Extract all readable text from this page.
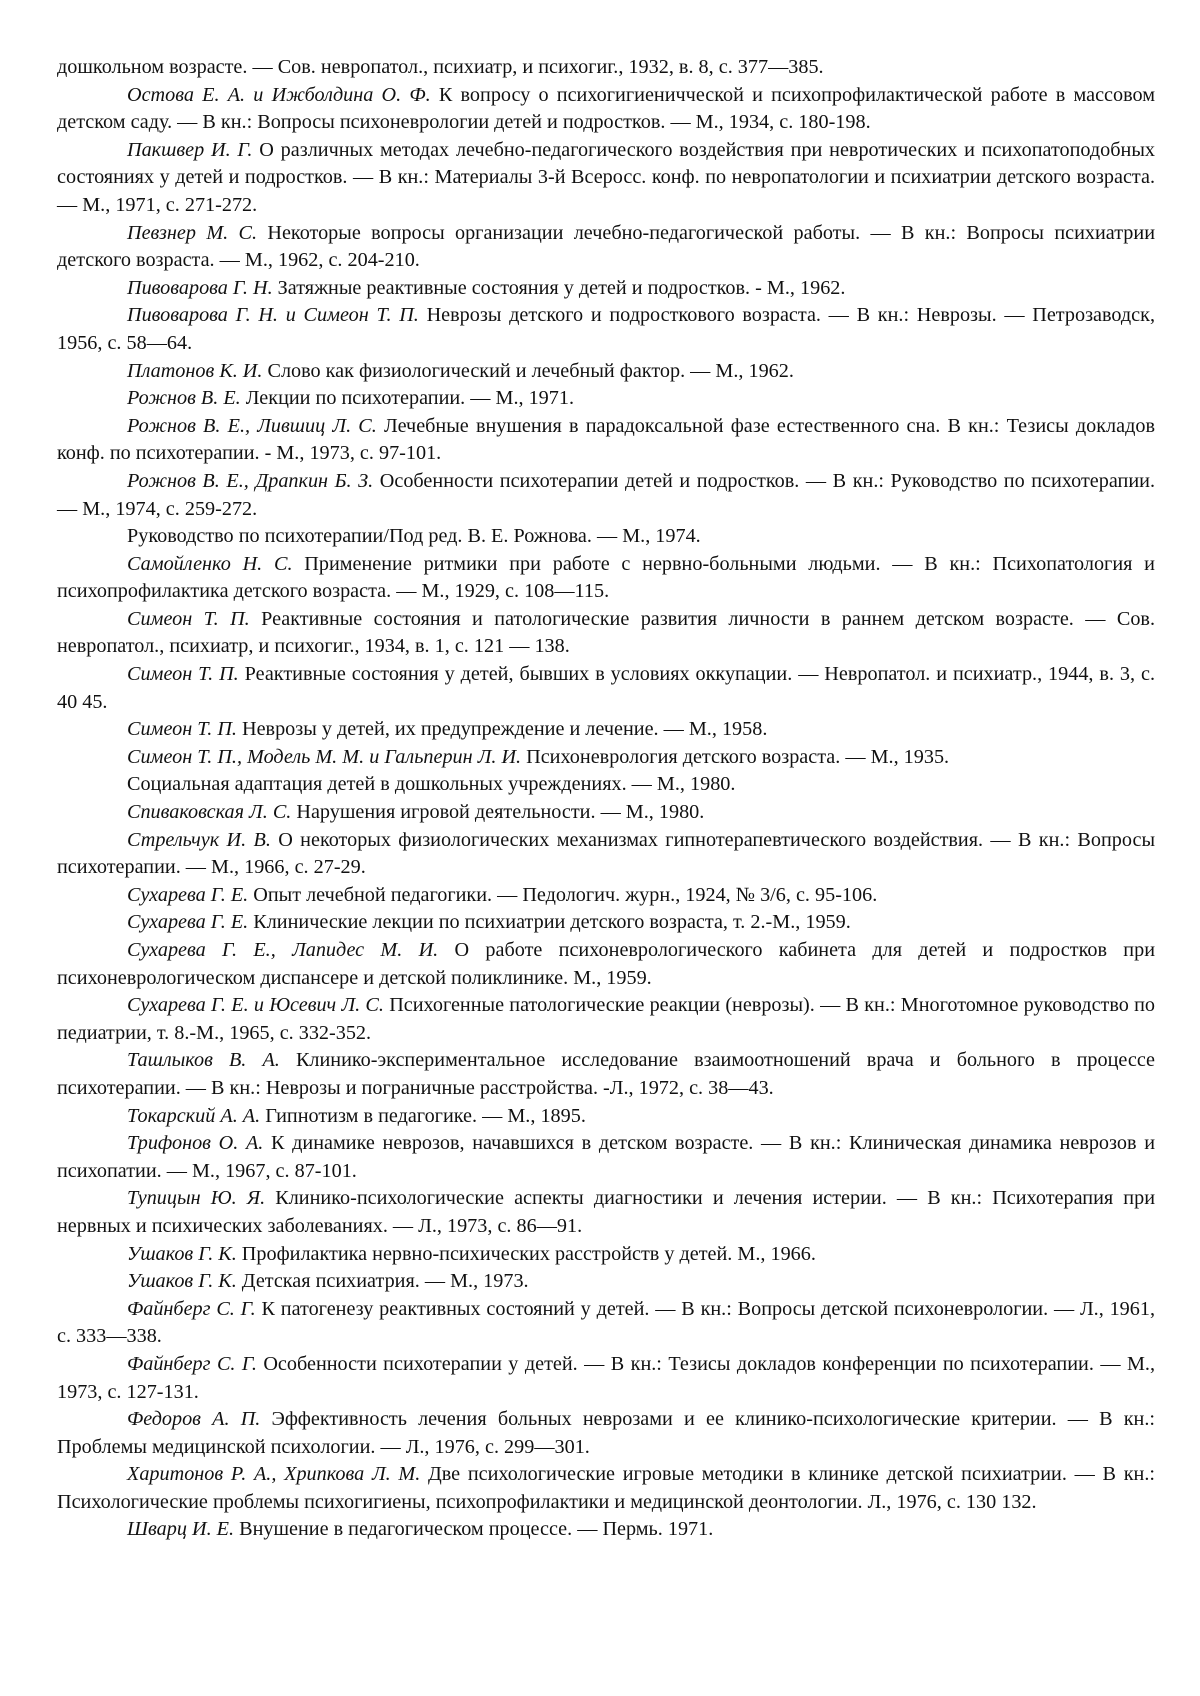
дошкольном возрасте. — Сов. невропатол., психиатр, и психогиг., 1932, в. 8, с. 377—385.

Остова Е. А. и Ижболдина О. Ф. К вопросу о психогигиеничческой и психопрофилактической работе в массовом детском саду. — В кн.: Вопросы психоневрологии детей и подростков. — М., 1934, с. 180-198.

Пакшвер И. Г. О различных методах лечебно-педагогического воздействия при невротических и психопатоподобных состояниях у детей и подростков. — В кн.: Материалы 3-й Всеросс. конф. по невропатологии и психиатрии детского возраста. — М., 1971, с. 271-272.

Певзнер М. С. Некоторые вопросы организации лечебно-педагогической работы. — В кн.: Вопросы психиатрии детского возраста. — М., 1962, с. 204-210.

Пивоварова Г. Н. Затяжные реактивные состояния у детей и подростков. - М., 1962.

Пивоварова Г. Н. и Симеон Т. П. Неврозы детского и подросткового возраста. — В кн.: Неврозы. — Петрозаводск, 1956, с. 58—64.

Платонов К. И. Слово как физиологический и лечебный фактор. — М., 1962.

Рожнов В. Е. Лекции по психотерапии. — М., 1971.

Рожнов В. Е., Лившиц Л. С. Лечебные внушения в парадоксальной фазе естественного сна. В кн.: Тезисы докладов конф. по психотерапии. - М., 1973, с. 97-101.

Рожнов В. Е., Драпкин Б. З. Особенности психотерапии детей и подростков. — В кн.: Руководство по психотерапии. — М., 1974, с. 259-272.

Руководство по психотерапии/Под ред. В. Е. Рожнова. — М., 1974.

Самойленко Н. С. Применение ритмики при работе с нервно-больными людьми. — В кн.: Психопатология и психопрофилактика детского возраста. — М., 1929, с. 108—115.

Симеон Т. П. Реактивные состояния и патологические развития личности в раннем детском возрасте. — Сов. невропатол., психиатр, и психогиг., 1934, в. 1, с. 121 — 138.

Симеон Т. П. Реактивные состояния у детей, бывших в условиях оккупации. — Невропатол. и психиатр., 1944, в. 3, с. 40 45.

Симеон Т. П. Неврозы у детей, их предупреждение и лечение. — М., 1958.

Симеон Т. П., Модель М. М. и Гальперин Л. И. Психоневрология детского возраста. — М., 1935.

Социальная адаптация детей в дошкольных учреждениях. — М., 1980.

Спиваковская Л. С. Нарушения игровой деятельности. — М., 1980.

Стрельчук И. В. О некоторых физиологических механизмах гипнотерапевтического воздействия. — В кн.: Вопросы психотерапии. — М., 1966, с. 27-29.

Сухарева Г. Е. Опыт лечебной педагогики. — Педологич. журн., 1924, № 3/6, с. 95-106.

Сухарева Г. Е. Клинические лекции по психиатрии детского возраста, т. 2.-М., 1959.

Сухарева Г. Е., Лапидес М. И. О работе психоневрологического кабинета для детей и подростков при психоневрологическом диспансере и детской поликлинике. М., 1959.

Сухарева Г. Е. и Юсевич Л. С. Психогенные патологические реакции (неврозы). — В кн.: Многотомное руководство по педиатрии, т. 8.-М., 1965, с. 332-352.

Ташлыков В. А. Клинико-экспериментальное исследование взаимоотношений врача и больного в процессе психотерапии. — В кн.: Неврозы и пограничные расстройства. -Л., 1972, с. 38—43.

Токарский А. А. Гипнотизм в педагогике. — М., 1895.

Трифонов О. А. К динамике неврозов, начавшихся в детском возрасте. — В кн.: Клиническая динамика неврозов и психопатии. — М., 1967, с. 87-101.

Тупицын Ю. Я. Клинико-психологические аспекты диагностики и лечения истерии. — В кн.: Психотерапия при нервных и психических заболеваниях. — Л., 1973, с. 86—91.

Ушаков Г. К. Профилактика нервно-психических расстройств у детей. М., 1966.

Ушаков Г. К. Детская психиатрия. — М., 1973.

Файнберг С. Г. К патогенезу реактивных состояний у детей. — В кн.: Вопросы детской психоневрологии. — Л., 1961, с. 333—338.

Файнберг С. Г. Особенности психотерапии у детей. — В кн.: Тезисы докладов конференции по психотерапии. — М., 1973, с. 127-131.

Федоров А. П. Эффективность лечения больных неврозами и ее клинико-психологические критерии. — В кн.: Проблемы медицинской психологии. — Л., 1976, с. 299—301.

Харитонов Р. А., Хрипкова Л. М. Две психологические игровые методики в клинике детской психиатрии. — В кн.: Психологические проблемы психогигиены, психопрофилактики и медицинской деонтологии. Л., 1976, с. 130 132.

Шварц И. Е. Внушение в педагогическом процессе. — Пермь. 1971.
